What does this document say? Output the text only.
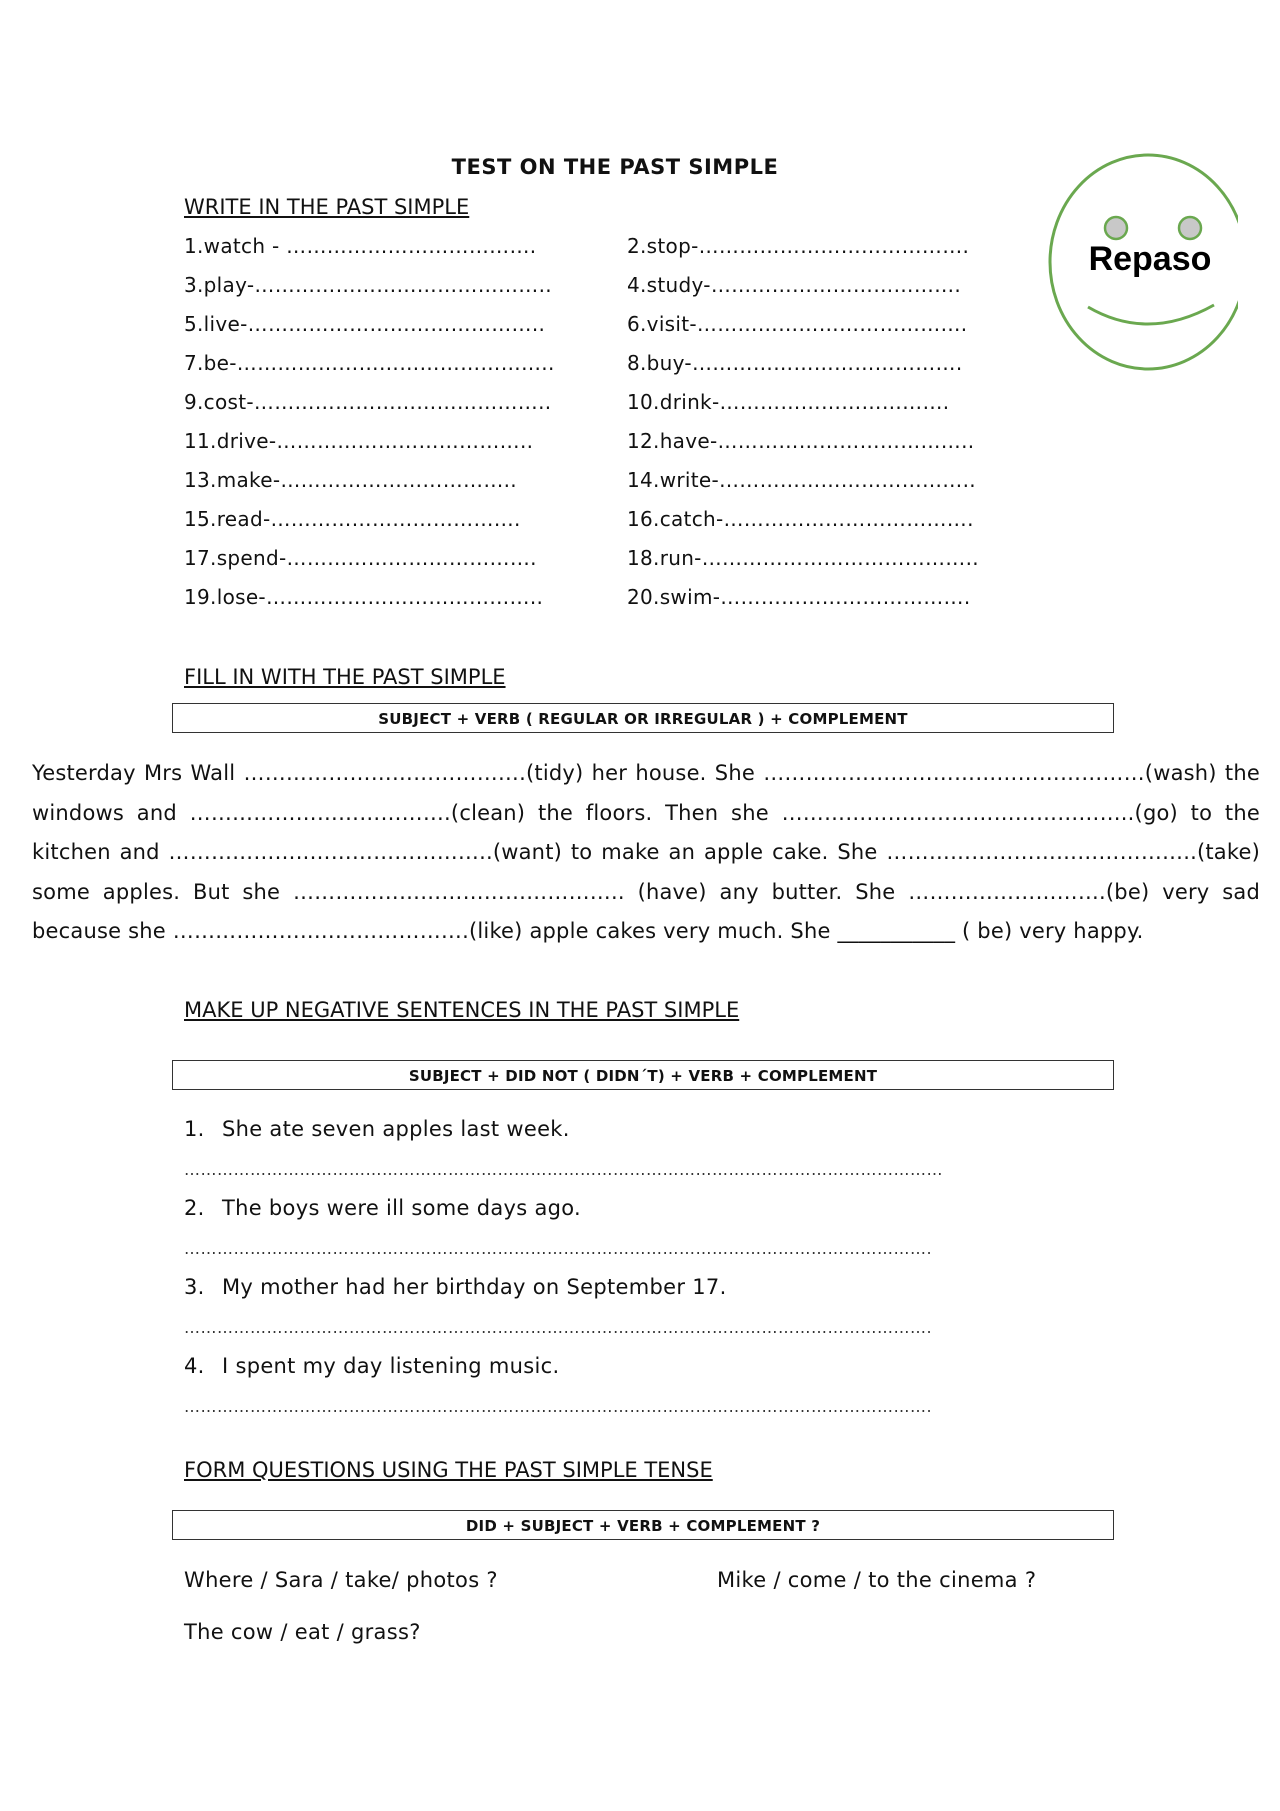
TEST ON THE PAST SIMPLE
WRITE IN THE PAST SIMPLE
1.watch - ……………………………….	2.stop-………………………………….
3.play-……………………………………..	4.study-……………………………….
5.live-……………………………………..	6.visit-………………………………….
7.be-………………………………………..	8.buy-………………………………….
9.cost-……………………………………..	10.drink-…………………………….
11.drive-………………………………..	12.have-………………………………..
13.make-……………………………..	14.write-………………………………..
15.read-……………………………….	16.catch-……………………………….
17.spend-……………………………….	18.run-…………………………………..
19.lose-…………………………………..	20.swim-……………………………….
Repaso
FILL IN WITH THE PAST SIMPLE
SUBJECT + VERB ( REGULAR OR IRREGULAR ) + COMPLEMENT
Yesterday Mrs Wall ………………………………….(tidy) her house. She ………………………………………………(wash) the windows and ……………………………….(clean) the floors. Then she …………………………………………..(go) to the kitchen and ………………..……………………..(want) to make an apple cake. She ……………………………………..(take) some apples. But she ……………………………………….. (have) any butter. She ……………………….(be) very sad because she ………………..………………….(like) apple cakes very much. She ___________ ( be) very happy.
MAKE UP NEGATIVE SENTENCES IN THE PAST SIMPLE
SUBJECT + DID NOT ( DIDN´T) + VERB + COMPLEMENT
1. She ate seven apples last week.
…………………………………………………………………………………………………………………………
2. The boys were ill some days ago.
……………………………………………………………………………………………………………………….
3. My mother had her birthday on September 17.
……………………………………………………………………………………………………………………….
4. I spent my day listening music.
……………………………………………………………………………………………………………………….
FORM QUESTIONS USING THE PAST SIMPLE TENSE
DID + SUBJECT + VERB + COMPLEMENT ?
Where / Sara / take/ photos ?	Mike / come / to the cinema ?
The cow / eat / grass?
